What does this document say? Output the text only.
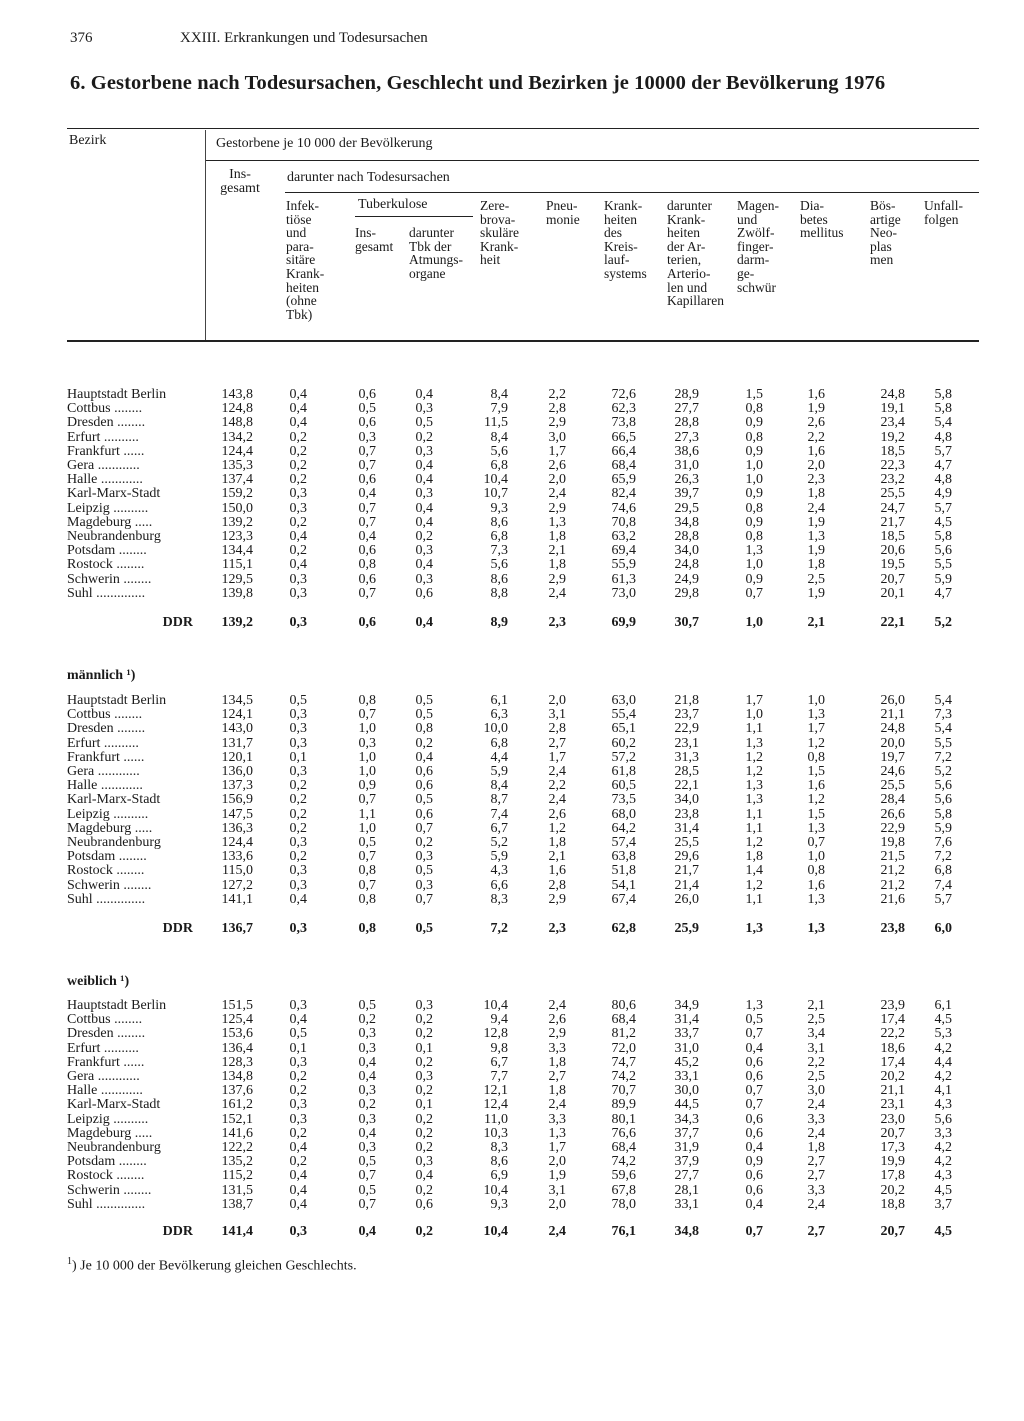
376	XXIII. Erkrankungen und Todesursachen
6. Gestorbene nach Todesursachen, Geschlecht und Bezirken je 10000 der Bevölkerung 1976
Bezirk	Gestorbene je 10 000 der Bevölkerung
Ins-
gesamt
darunter nach Todesursachen
Infek-
tiöse
und
para-
sitäre
Krank-
heiten
(ohne
Tbk)
Tuberkulose
Ins-
gesamt
darunter
Tbk der
Atmungs-
organe
Zere-
brova-
skuläre
Krank-
heit
Pneu-
monie
Krank-
heiten
des
Kreis-
lauf-
systems
darunter
Krank-
heiten
der Ar-
terien,
Arterio-
len und
Kapillaren
Magen-
und
Zwölf-
finger-
darm-
ge-
schwür
Dia-
betes
mellitus
Bös-
artige
Neo-
plas
men
Unfall-
folgen
Hauptstadt Berlin	143,8	0,4	0,6	0,4	8,4	2,2	72,6	28,9	1,5	1,6	24,8 5,8
Cottbus ........	124,8	0,4	0,5	0,3	7,9	2,8	62,3	27,7	0,8	1,9	19,1 5,8
Dresden ........	148,8	0,4	0,6	0,5	11,5	2,9	73,8	28,8	0,9	2,6	23,4 5,4
Erfurt ..........	134,2	0,2	0,3	0,2	8,4	3,0	66,5	27,3	0,8	2,2	19,2 4,8
Frankfurt ......	124,4	0,2	0,7	0,3	5,6	1,7	66,4	38,6	0,9	1,6	18,5 5,7
Gera ............	135,3	0,2	0,7	0,4	6,8	2,6	68,4	31,0	1,0	2,0	22,3 4,7
Halle ............	137,4	0,2	0,6	0,4	10,4	2,0	65,9	26,3	1,0	2,3	23,2 4,8
Karl-Marx-Stadt	159,2	0,3	0,4	0,3	10,7	2,4	82,4	39,7	0,9	1,8	25,5 4,9
Leipzig ..........	150,0	0,3	0,7	0,4	9,3	2,9	74,6	29,5	0,8	2,4	24,7 5,7
Magdeburg .....	139,2	0,2	0,7	0,4	8,6	1,3	70,8	34,8	0,9	1,9	21,7 4,5
Neubrandenburg	123,3	0,4	0,4	0,2	6,8	1,8	63,2	28,8	0,8	1,3	18,5 5,8
Potsdam ........	134,4	0,2	0,6	0,3	7,3	2,1	69,4	34,0	1,3	1,9	20,6 5,6
Rostock ........	115,1	0,4	0,8	0,4	5,6	1,8	55,9	24,8	1,0	1,8	19,5 5,5
Schwerin ........	129,5	0,3	0,6	0,3	8,6	2,9	61,3	24,9	0,9	2,5	20,7 5,9
Suhl ..............	139,8	0,3	0,7	0,6	8,8	2,4	73,0	29,8	0,7	1,9	20,1 4,7
DDR 139,2	0,3	0,6	0,4	8,9	2,3	69,9	30,7	1,0	2,1	22,1 5,2
männlich ¹)
Hauptstadt Berlin	134,5	0,5	0,8	0,5	6,1	2,0	63,0	21,8	1,7	1,0	26,0 5,4
Cottbus ........	124,1	0,3	0,7	0,5	6,3	3,1	55,4	23,7	1,0	1,3	21,1 7,3
Dresden ........	143,0	0,3	1,0	0,8	10,0	2,8	65,1	22,9	1,1	1,7	24,8 5,4
Erfurt ..........	131,7	0,3	0,3	0,2	6,8	2,7	60,2	23,1	1,3	1,2	20,0 5,5
Frankfurt ......	120,1	0,1	1,0	0,4	4,4	1,7	57,2	31,3	1,2	0,8	19,7 7,2
Gera ............	136,0	0,3	1,0	0,6	5,9	2,4	61,8	28,5	1,2	1,5	24,6 5,2
Halle ............	137,3	0,2	0,9	0,6	8,4	2,2	60,5	22,1	1,3	1,6	25,5 5,6
Karl-Marx-Stadt	156,9	0,2	0,7	0,5	8,7	2,4	73,5	34,0	1,3	1,2	28,4 5,6
Leipzig ..........	147,5	0,2	1,1	0,6	7,4	2,6	68,0	23,8	1,1	1,5	26,6 5,8
Magdeburg .....	136,3	0,2	1,0	0,7	6,7	1,2	64,2	31,4	1,1	1,3	22,9 5,9
Neubrandenburg	124,4	0,3	0,5	0,2	5,2	1,8	57,4	25,5	1,2	0,7	19,8 7,6
Potsdam ........	133,6	0,2	0,7	0,3	5,9	2,1	63,8	29,6	1,8	1,0	21,5 7,2
Rostock ........	115,0	0,3	0,8	0,5	4,3	1,6	51,8	21,7	1,4	0,8	21,2 6,8
Schwerin ........	127,2	0,3	0,7	0,3	6,6	2,8	54,1	21,4	1,2	1,6	21,2 7,4
Suhl ..............	141,1	0,4	0,8	0,7	8,3	2,9	67,4	26,0	1,1	1,3	21,6 5,7
DDR 136,7	0,3	0,8	0,5	7,2	2,3	62,8	25,9	1,3	1,3	23,8 6,0
weiblich ¹)
Hauptstadt Berlin	151,5	0,3	0,5	0,3	10,4	2,4	80,6	34,9	1,3	2,1	23,9 6,1
Cottbus ........	125,4	0,4	0,2	0,2	9,4	2,6	68,4	31,4	0,5	2,5	17,4 4,5
Dresden ........	153,6	0,5	0,3	0,2	12,8	2,9	81,2	33,7	0,7	3,4	22,2 5,3
Erfurt ..........	136,4	0,1	0,3	0,1	9,8	3,3	72,0	31,0	0,4	3,1	18,6 4,2
Frankfurt ......	128,3	0,3	0,4	0,2	6,7	1,8	74,7	45,2	0,6	2,2	17,4 4,4
Gera ............	134,8	0,2	0,4	0,3	7,7	2,7	74,2	33,1	0,6	2,5	20,2 4,2
Halle ............	137,6	0,2	0,3	0,2	12,1	1,8	70,7	30,0	0,7	3,0	21,1 4,1
Karl-Marx-Stadt	161,2	0,3	0,2	0,1	12,4	2,4	89,9	44,5	0,7	2,4	23,1 4,3
Leipzig ..........	152,1	0,3	0,3	0,2	11,0	3,3	80,1	34,3	0,6	3,3	23,0 5,6
Magdeburg .....	141,6	0,2	0,4	0,2	10,3	1,3	76,6	37,7	0,6	2,4	20,7 3,3
Neubrandenburg	122,2	0,4	0,3	0,2	8,3	1,7	68,4	31,9	0,4	1,8	17,3 4,2
Potsdam ........	135,2	0,2	0,5	0,3	8,6	2,0	74,2	37,9	0,9	2,7	19,9 4,2
Rostock ........	115,2	0,4	0,7	0,4	6,9	1,9	59,6	27,7	0,6	2,7	17,8 4,3
Schwerin ........	131,5	0,4	0,5	0,2	10,4	3,1	67,8	28,1	0,6	3,3	20,2 4,5
Suhl ..............	138,7	0,4	0,7	0,6	9,3	2,0	78,0	33,1	0,4	2,4	18,8 3,7
DDR 141,4	0,3	0,4	0,2	10,4	2,4	76,1	34,8	0,7	2,7	20,7 4,5
$^1$) Je 10 000 der Bevölkerung gleichen Geschlechts.
